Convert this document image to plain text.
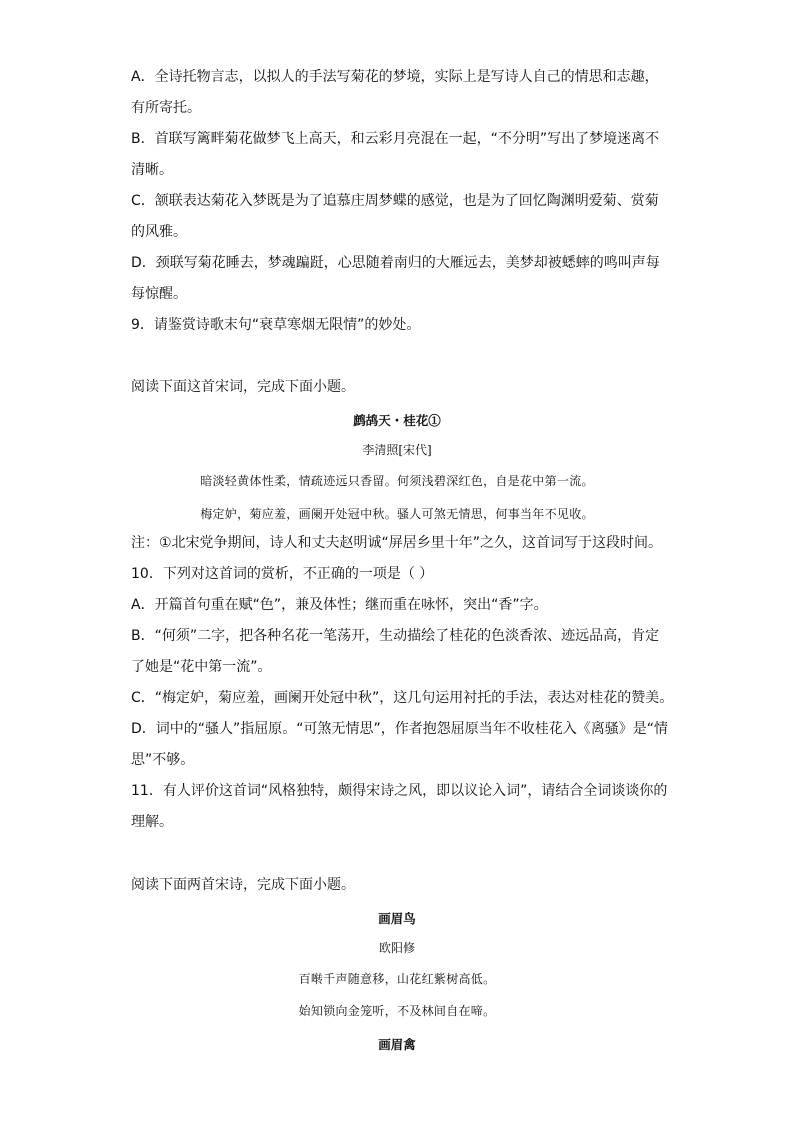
A．全诗托物言志，以拟人的手法写菊花的梦境，实际上是写诗人自己的情思和志趣，
有所寄托。
B．首联写篱畔菊花做梦飞上高天，和云彩月亮混在一起，“不分明”写出了梦境迷离不
清晰。
C．颔联表达菊花入梦既是为了追慕庄周梦蝶的感觉，也是为了回忆陶渊明爱菊、赏菊
的风雅。
D．颈联写菊花睡去，梦魂蹁跹，心思随着南归的大雁远去，美梦却被蟋蟀的鸣叫声每
每惊醒。
9．请鉴赏诗歌末句“衰草寒烟无限情”的妙处。
阅读下面这首宋词，完成下面小题。
鹧鸪天・桂花①
李清照[宋代]
暗淡轻黄体性柔，情疏迹远只香留。何须浅碧深红色，自是花中第一流。
梅定妒，菊应羞，画阑开处冠中秋。骚人可煞无情思，何事当年不见收。
注：①北宋党争期间，诗人和丈夫赵明诚“屏居乡里十年”之久，这首词写于这段时间。
10．下列对这首词的赏析，不正确的一项是（ ）
A．开篇首句重在赋“色”，兼及体性；继而重在咏怀，突出“香”字。
B．“何须”二字，把各种名花一笔荡开，生动描绘了桂花的色淡香浓、迹远品高，肯定
了她是“花中第一流”。
C．“梅定妒，菊应羞，画阑开处冠中秋”，这几句运用衬托的手法，表达对桂花的赞美。
D．词中的“骚人”指屈原。“可煞无情思”，作者抱怨屈原当年不收桂花入《离骚》是“情
思”不够。
11．有人评价这首词“风格独特，颇得宋诗之风，即以议论入词”，请结合全词谈谈你的
理解。
阅读下面两首宋诗，完成下面小题。
画眉鸟
欧阳修
百啭千声随意移，山花红紫树高低。
始知锁向金笼听，不及林间自在啼。
画眉禽
